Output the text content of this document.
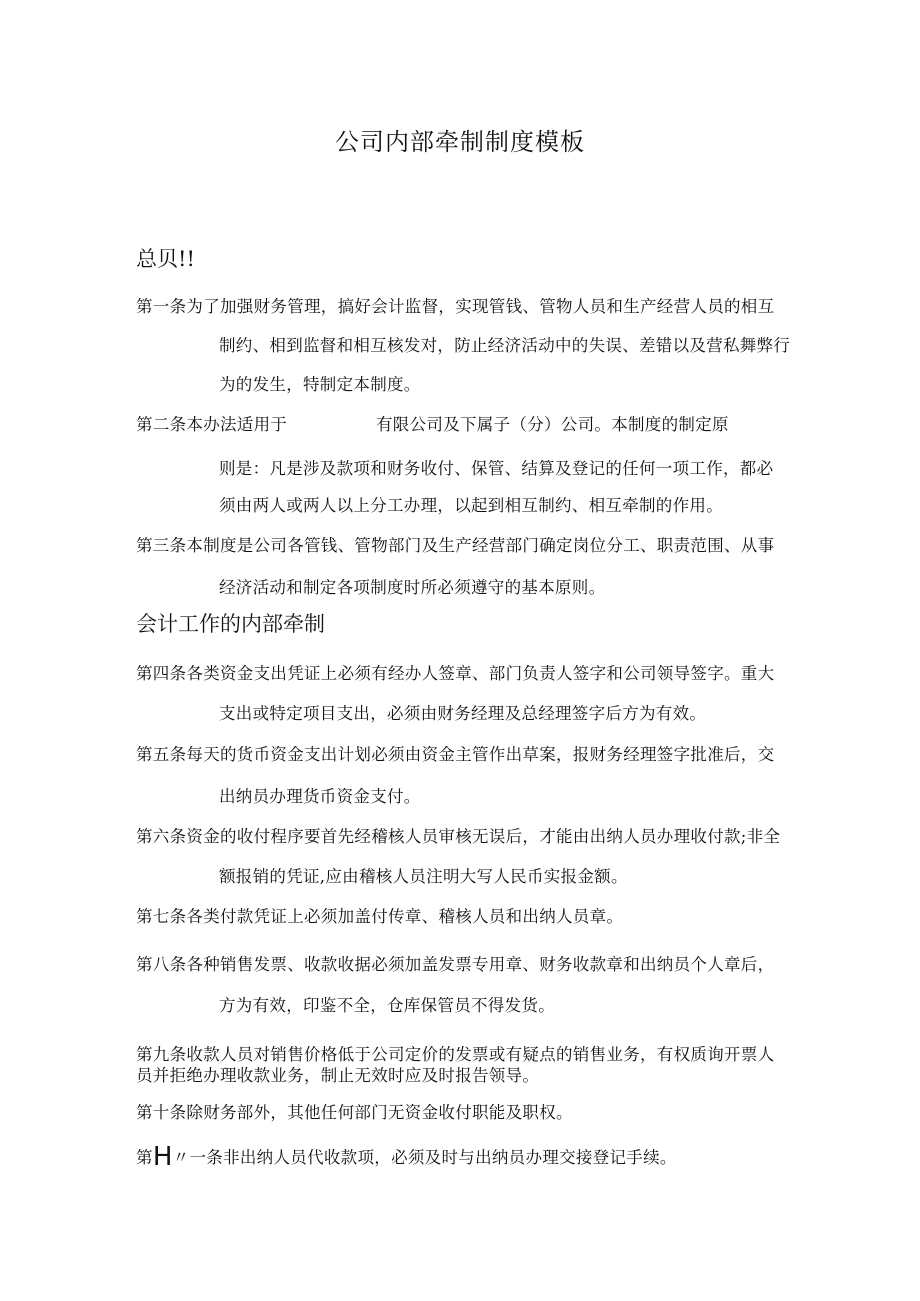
公司内部牵制制度模板
总贝!!
第一条为了加强财务管理，搞好会计监督，实现管钱、管物人员和生产经营人员的相互
制约、相到监督和相互核发对，防止经济活动中的失误、差错以及营私舞弊行
为的发生，特制定本制度。
第二条本办法适用于	有限公司及下属子（分）公司。本制度的制定原
则是：凡是涉及款项和财务收付、保管、结算及登记的任何一项工作，都必
须由两人或两人以上分工办理，以起到相互制约、相互牵制的作用。
第三条本制度是公司各管钱、管物部门及生产经营部门确定岗位分工、职责范围、从事
经济活动和制定各项制度时所必须遵守的基本原则。
会计工作的内部牵制
第四条各类资金支出凭证上必须有经办人签章、部门负责人签字和公司领导签字。重大
支出或特定项目支出，必须由财务经理及总经理签字后方为有效。
第五条每天的货币资金支出计划必须由资金主管作出草案，报财务经理签字批准后，交
出纳员办理货币资金支付。
第六条资金的收付程序要首先经稽核人员审核无误后，才能由出纳人员办理收付款;非全
额报销的凭证,应由稽核人员注明大写人民币实报金额。
第七条各类付款凭证上必须加盖付传章、稽核人员和出纳人员章。
第八条各种销售发票、收款收据必须加盖发票专用章、财务收款章和出纳员个人章后，
方为有效，印鉴不全，仓库保管员不得发货。
第九条收款人员对销售价格低于公司定价的发票或有疑点的销售业务，有权质询开票人
员并拒绝办理收款业务，制止无效时应及时报告领导。
第十条除财务部外，其他任何部门无资金收付职能及职权。
第H〃一条非出纳人员代收款项，必须及时与出纳员办理交接登记手续。
